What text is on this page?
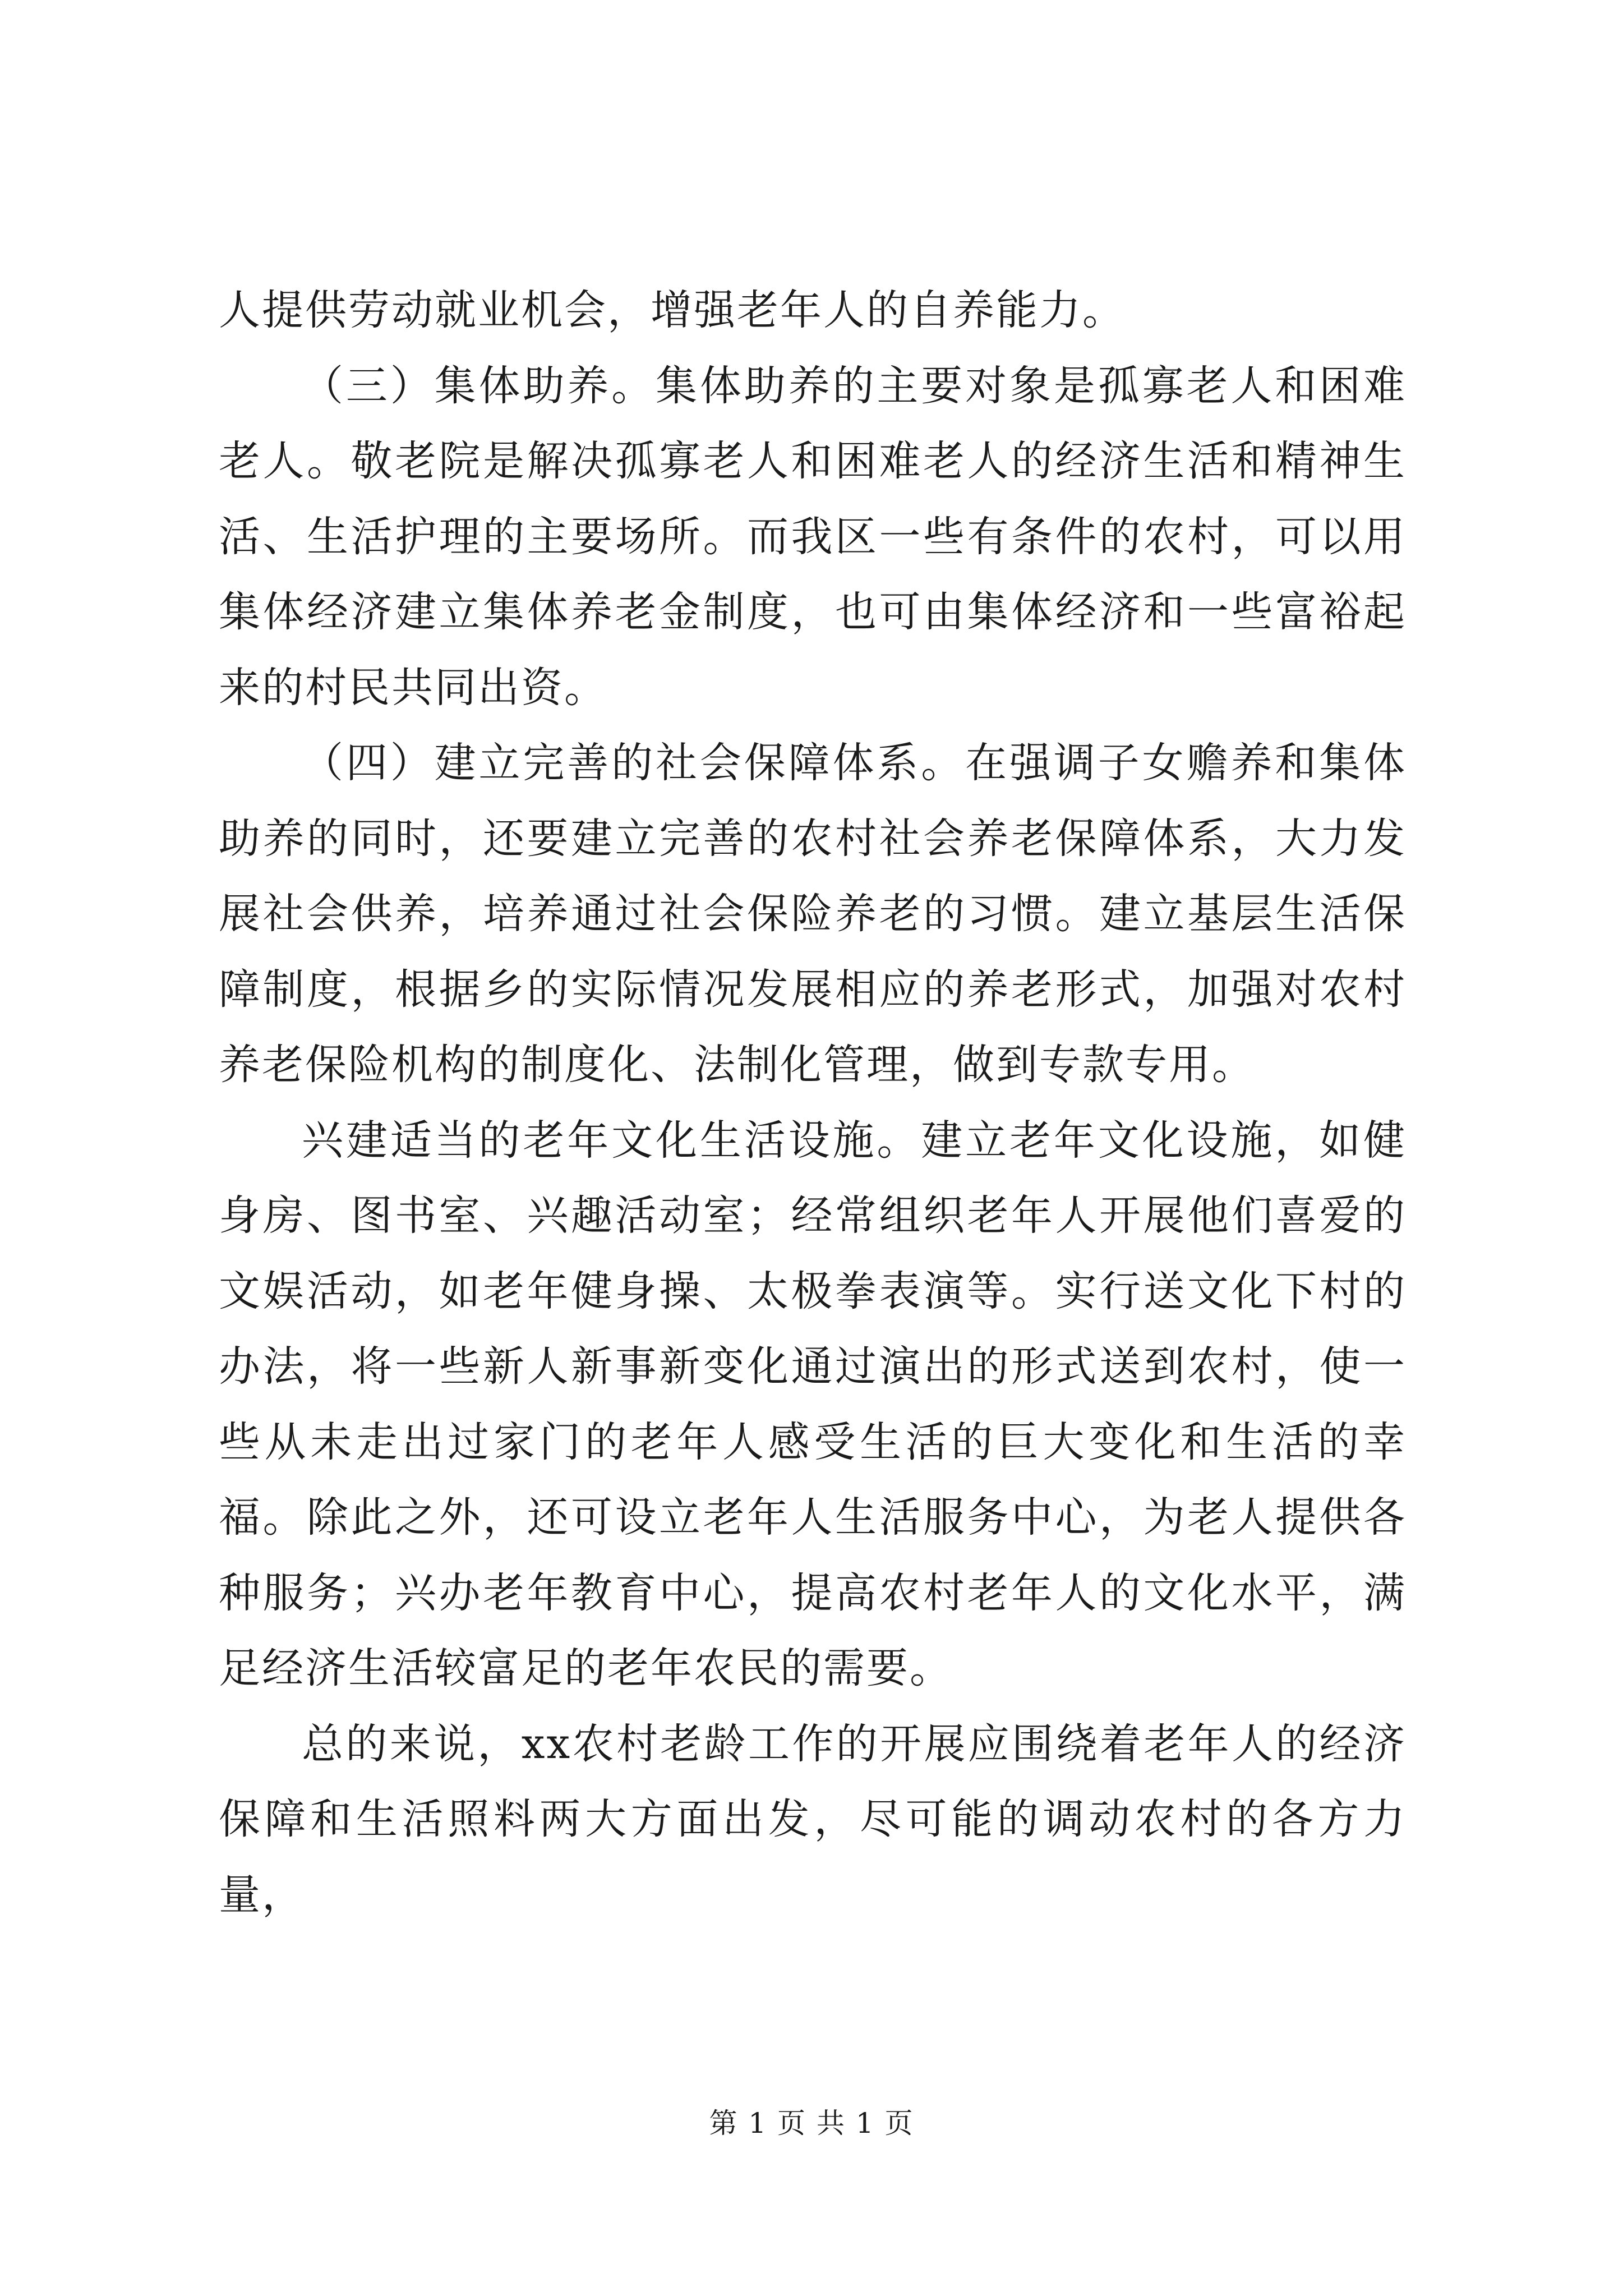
人提供劳动就业机会，增强老年人的自养能力。

（三）集体助养。集体助养的主要对象是孤寡老人和困难老人。敬老院是解决孤寡老人和困难老人的经济生活和精神生活、生活护理的主要场所。而我区一些有条件的农村，可以用集体经济建立集体养老金制度，也可由集体经济和一些富裕起来的村民共同出资。

（四）建立完善的社会保障体系。在强调子女赡养和集体助养的同时，还要建立完善的农村社会养老保障体系，大力发展社会供养，培养通过社会保险养老的习惯。建立基层生活保障制度，根据乡的实际情况发展相应的养老形式，加强对农村养老保险机构的制度化、法制化管理，做到专款专用。

兴建适当的老年文化生活设施。建立老年文化设施，如健身房、图书室、兴趣活动室；经常组织老年人开展他们喜爱的文娱活动，如老年健身操、太极拳表演等。实行送文化下村的办法，将一些新人新事新变化通过演出的形式送到农村，使一些从未走出过家门的老年人感受生活的巨大变化和生活的幸福。除此之外，还可设立老年人生活服务中心，为老人提供各种服务；兴办老年教育中心，提高农村老年人的文化水平，满足经济生活较富足的老年农民的需要。

总的来说，xx农村老龄工作的开展应围绕着老年人的经济保障和生活照料两大方面出发，尽可能的调动农村的各方力量，

第 1 页 共 1 页
